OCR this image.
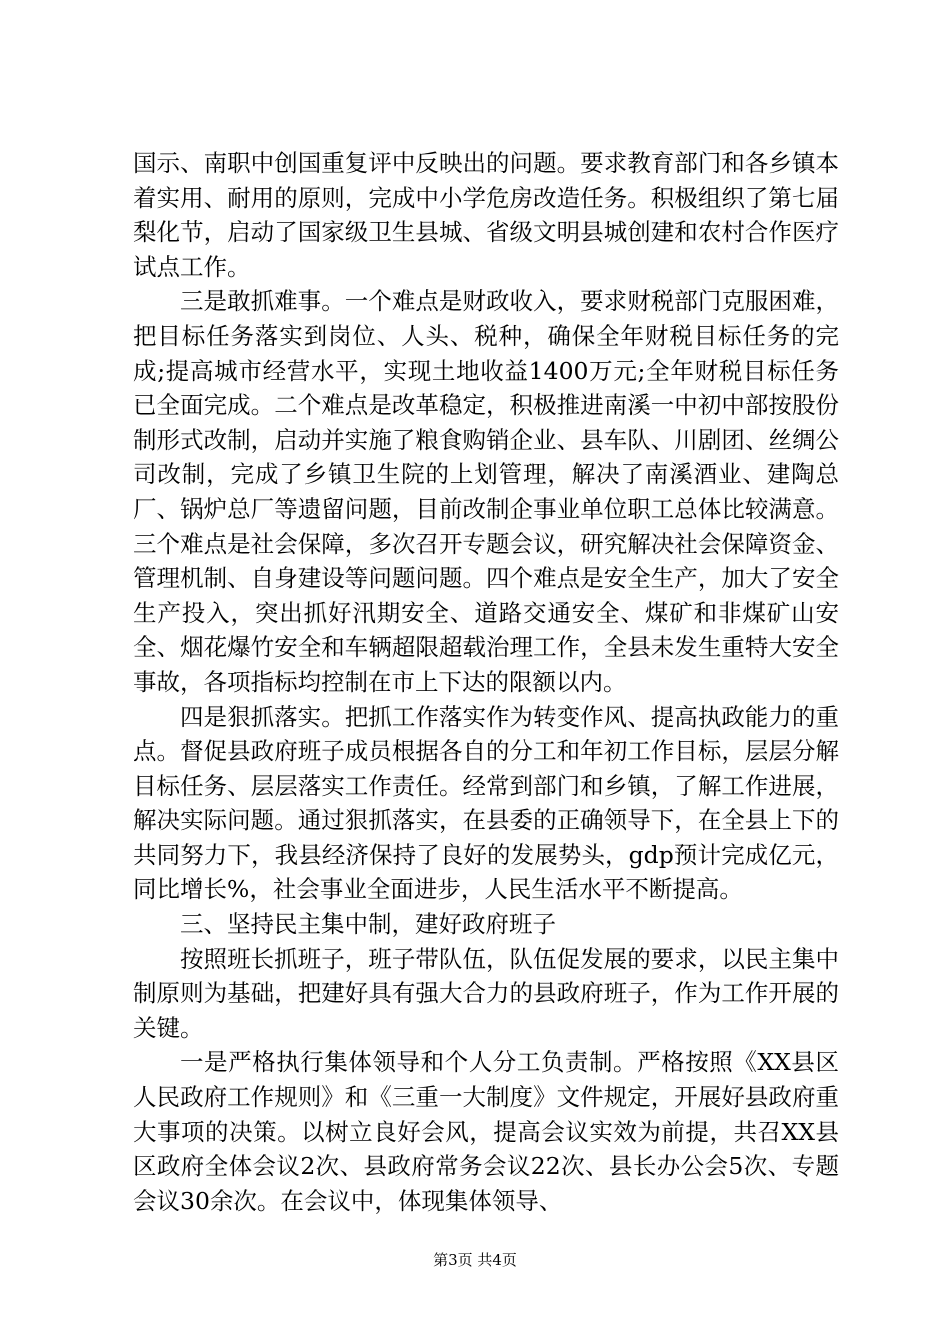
国示、南职中创国重复评中反映出的问题。要求教育部门和各乡镇本着实用、耐用的原则，完成中小学危房改造任务。积极组织了第七届梨化节，启动了国家级卫生县城、省级文明县城创建和农村合作医疗试点工作。

三是敢抓难事。一个难点是财政收入，要求财税部门克服困难，把目标任务落实到岗位、人头、税种，确保全年财税目标任务的完成;提高城市经营水平，实现土地收益1400万元;全年财税目标任务已全面完成。二个难点是改革稳定，积极推进南溪一中初中部按股份制形式改制，启动并实施了粮食购销企业、县车队、川剧团、丝绸公司改制，完成了乡镇卫生院的上划管理，解决了南溪酒业、建陶总厂、锅炉总厂等遗留问题，目前改制企事业单位职工总体比较满意。三个难点是社会保障，多次召开专题会议，研究解决社会保障资金、管理机制、自身建设等问题问题。四个难点是安全生产，加大了安全生产投入，突出抓好汛期安全、道路交通安全、煤矿和非煤矿山安全、烟花爆竹安全和车辆超限超载治理工作，全县未发生重特大安全事故，各项指标均控制在市上下达的限额以内。

四是狠抓落实。把抓工作落实作为转变作风、提高执政能力的重点。督促县政府班子成员根据各自的分工和年初工作目标，层层分解目标任务、层层落实工作责任。经常到部门和乡镇，了解工作进展，解决实际问题。通过狠抓落实，在县委的正确领导下，在全县上下的共同努力下，我县经济保持了良好的发展势头，gdp预计完成亿元，同比增长%，社会事业全面进步，人民生活水平不断提高。

三、坚持民主集中制，建好政府班子

按照班长抓班子，班子带队伍，队伍促发展的要求，以民主集中制原则为基础，把建好具有强大合力的县政府班子，作为工作开展的关键。

一是严格执行集体领导和个人分工负责制。严格按照《XX县区人民政府工作规则》和《三重一大制度》文件规定，开展好县政府重大事项的决策。以树立良好会风，提高会议实效为前提，共召XX县区政府全体会议2次、县政府常务会议22次、县长办公会5次、专题会议30余次。在会议中，体现集体领导、

第3页 共4页
